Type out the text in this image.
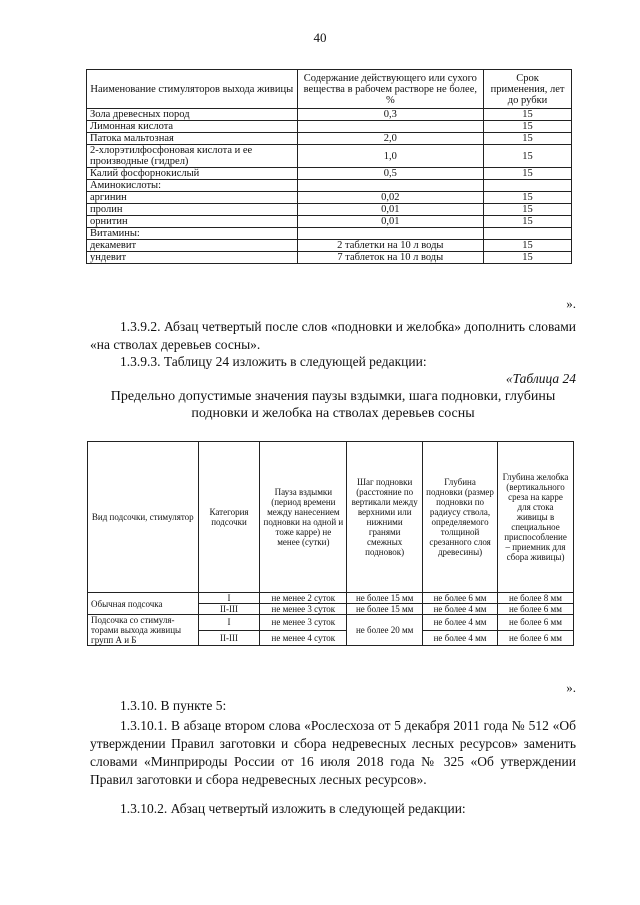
40
Наименование стимуляторов выхода живицы	Содержание действующего или сухого вещества в рабочем растворе не более, %	Срок применения, лет до рубки
Зола древесных пород	0,3	15
Лимонная кислота		15
Патока мальтозная	2,0	15
2-хлорэтилфосфоновая кислота и ее производные (гидрел)	1,0	15
Калий фосфорнокислый	0,5	15
Аминокислоты:		
аргинин	0,02	15
пролин	0,01	15
орнитин	0,01	15
Витамины:		
декамевит	2 таблетки на 10 л воды	15
ундевит	7 таблеток на 10 л воды	15
».
1.3.9.2. Абзац четвертый после слов «подновки и желобка» дополнить словами «на стволах деревьев сосны».
1.3.9.3. Таблицу 24 изложить в следующей редакции:
«Таблица 24
Предельно допустимые значения паузы вздымки, шага подновки, глубины подновки и желобка на стволах деревьев сосны
Вид подсочки, стимулятор	Категория подсочки	Пауза вздымки (период времени между нанесением подновки на одной и тоже карре) не менее (сутки)	Шаг подновки (расстояние по вертикали между верхними или нижними гранями смежных подновок)	Глубина подновки (размер подновки по радиусу ствола, определяемого толщиной срезанного слоя древесины)	Глубина желобка (вертикального среза на карре для стока живицы в специальное приспособление – приемник для сбора живицы)
Обычная подсочка	I	не менее 2 суток	не более 15 мм	не более 6 мм	не более 8 мм
	II-III	не менее 3 суток	не более 15 мм	не более 4 мм	не более 6 мм
Подсочка со стимуля-торами выхода живицы групп А и Б	I	не менее 3 суток	не более 20 мм	не более 4 мм	не более 6 мм
	II-III	не менее 4 суток		не более 4 мм	не более 6 мм
».
1.3.10. В пункте 5:
1.3.10.1. В абзаце втором слова «Рослесхоза от 5 декабря 2011 года № 512 «Об утверждении Правил заготовки и сбора недревесных лесных ресурсов» заменить словами «Минприроды России от 16 июля 2018 года № 325 «Об утверждении Правил заготовки и сбора недревесных лесных ресурсов».
1.3.10.2. Абзац четвертый изложить в следующей редакции:
